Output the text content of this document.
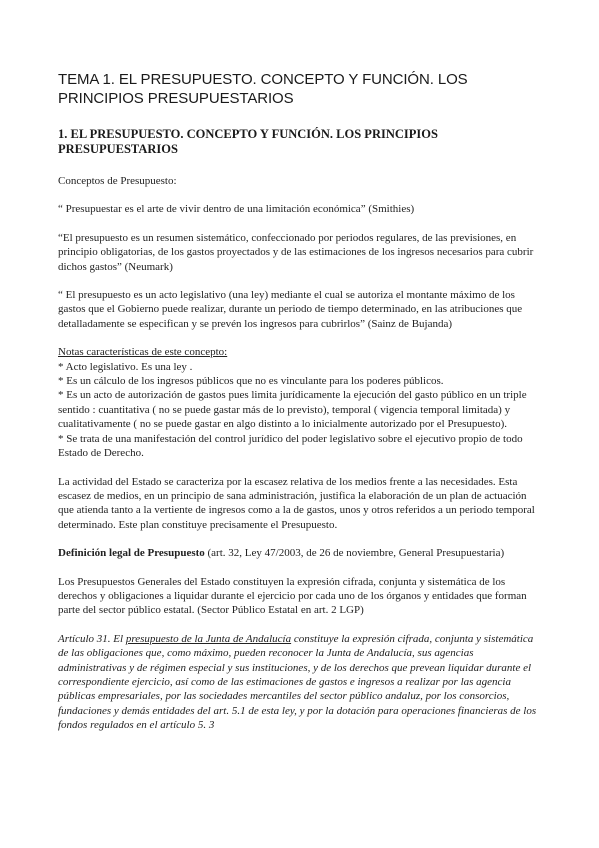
TEMA 1. EL PRESUPUESTO. CONCEPTO Y FUNCIÓN. LOS
PRINCIPIOS PRESUPUESTARIOS
1. EL PRESUPUESTO. CONCEPTO Y FUNCIÓN. LOS PRINCIPIOS
PRESUPUESTARIOS

Conceptos de Presupuesto:

“ Presupuestar es el arte de vivir dentro de una limitación económica” (Smithies)

“El presupuesto es un resumen sistemático, confeccionado por periodos regulares, de las previsiones, en principio obligatorias, de los gastos proyectados y de las estimaciones de los ingresos necesarios para cubrir dichos gastos” (Neumark)

“ El presupuesto es un acto legislativo (una ley) mediante el cual se autoriza el montante máximo de los gastos que el Gobierno puede realizar, durante un periodo de tiempo determinado, en las atribuciones que detalladamente se especifican y se prevén los ingresos para cubrirlos” (Sainz de Bujanda)

Notas características de este concepto:

* Acto legislativo. Es una ley .

* Es un cálculo de los ingresos públicos que no es vinculante para los poderes públicos.

* Es un acto de autorización de gastos pues limita jurídicamente la ejecución del gasto público en un triple sentido : cuantitativa ( no se puede gastar más de lo previsto), temporal ( vigencia temporal limitada) y cualitativamente ( no se puede gastar en algo distinto a lo inicialmente autorizado por el Presupuesto).

* Se trata de una manifestación del control jurídico del poder legislativo sobre el ejecutivo propio de todo Estado de Derecho.

La actividad del Estado se caracteriza por la escasez relativa de los medios frente a las necesidades. Esta escasez de medios, en un principio de sana administración, justifica la elaboración de un plan de actuación que atienda tanto a la vertiente de ingresos como a la de gastos, unos y otros referidos a un periodo temporal determinado. Este plan constituye precisamente el Presupuesto.

Definición legal de Presupuesto (art. 32, Ley 47/2003, de 26 de noviembre, General Presupuestaria)

Los Presupuestos Generales del Estado constituyen la expresión cifrada, conjunta y sistemática de los derechos y obligaciones a liquidar durante el ejercicio por cada uno de los órganos y entidades que forman parte del sector público estatal. (Sector Público Estatal en art. 2 LGP)

Artículo 31. El presupuesto de la Junta de Andalucía constituye la expresión cifrada, conjunta y sistemática de las obligaciones que, como máximo, pueden reconocer la Junta de Andalucía, sus agencias administrativas y de régimen especial y sus instituciones, y de los derechos que prevean liquidar durante el correspondiente ejercicio, así como de las estimaciones de gastos e ingresos a realizar por las agencia públicas empresariales, por las sociedades mercantiles del sector público andaluz, por los consorcios, fundaciones y demás entidades del art. 5.1 de esta ley, y por la dotación para operaciones financieras de los fondos regulados en el artículo 5. 3
